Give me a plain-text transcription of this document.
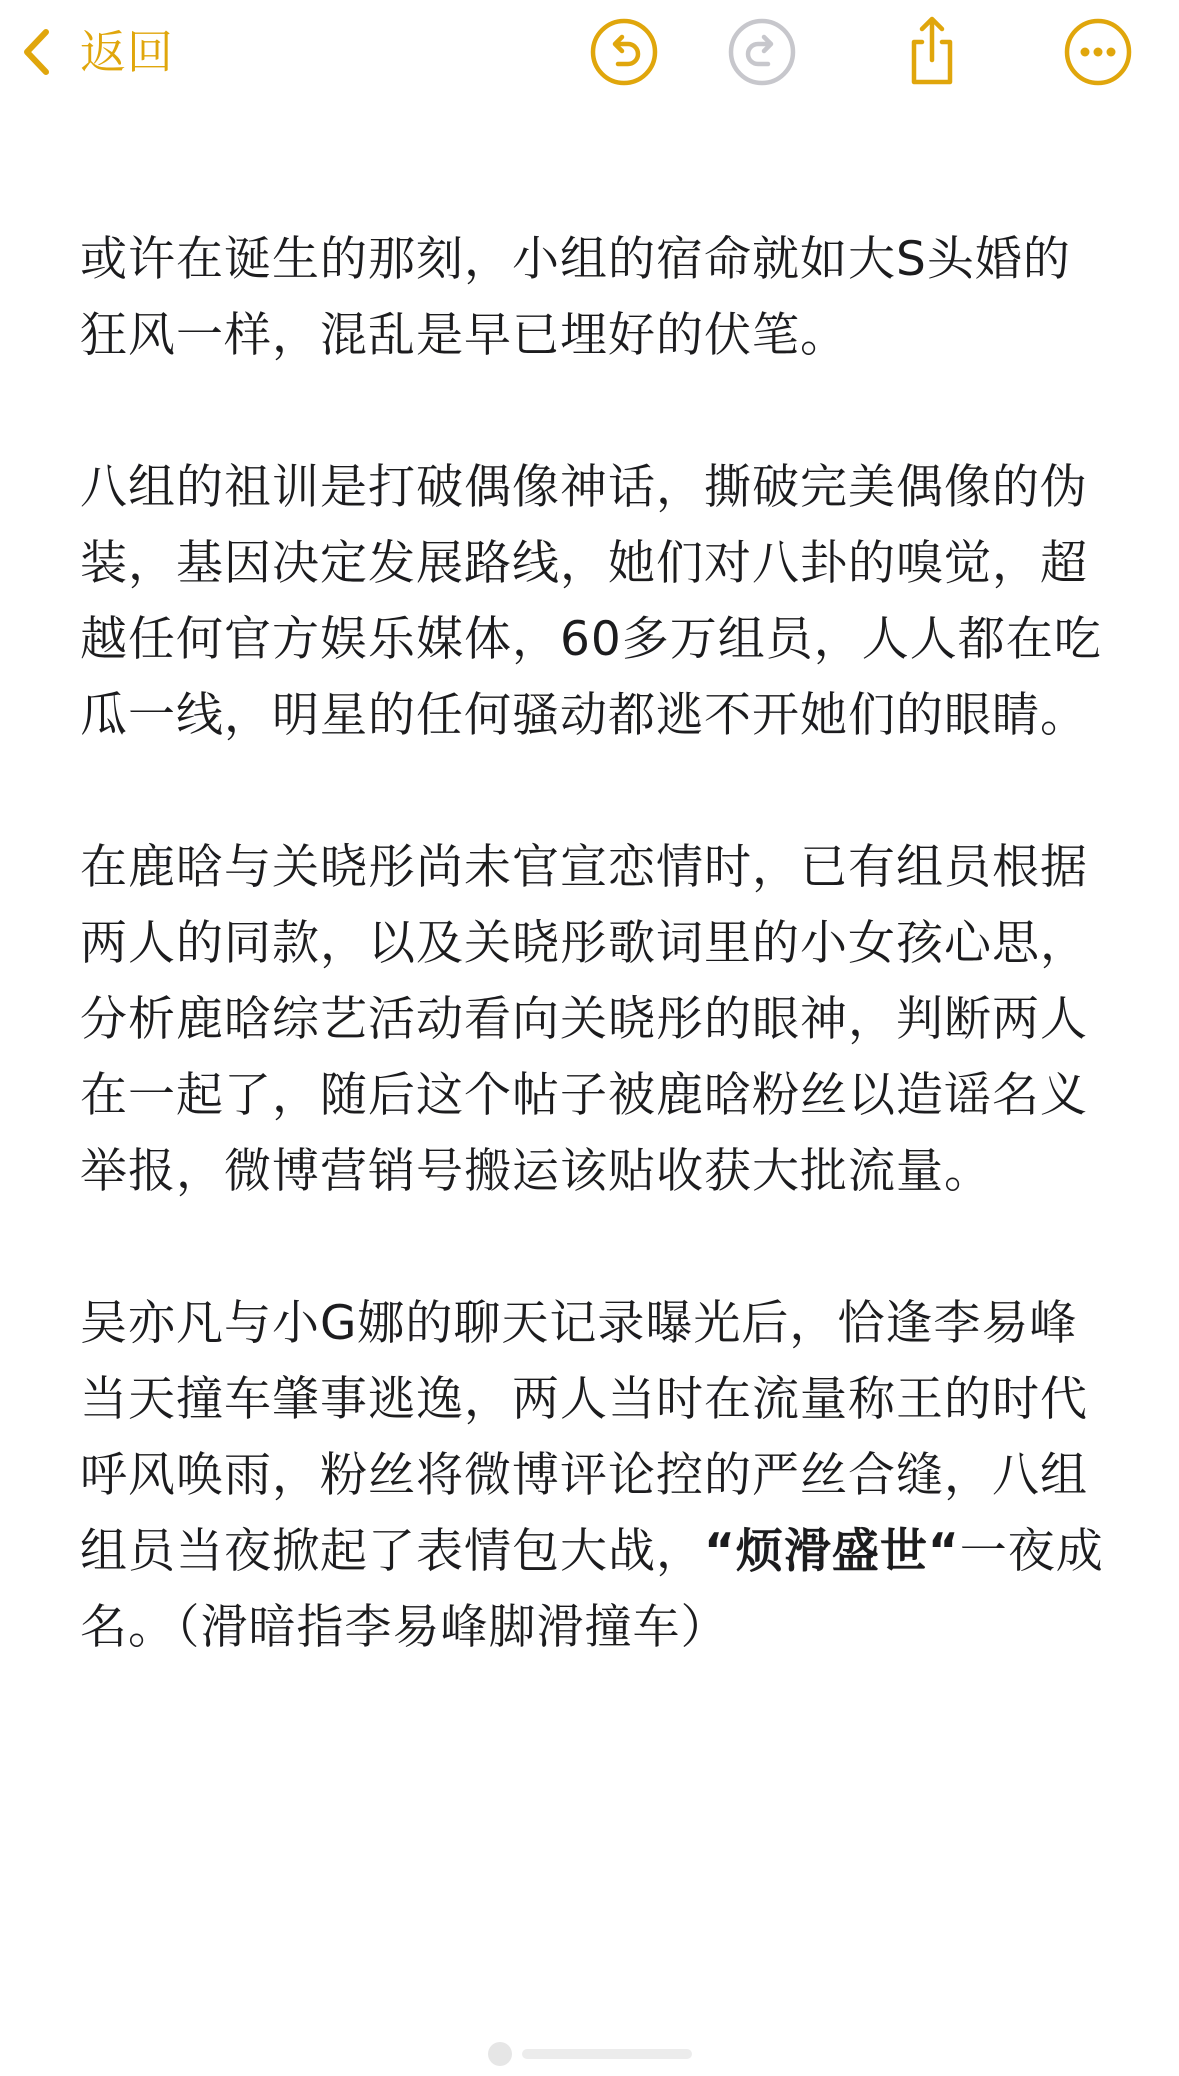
返回

或许在诞生的那刻，小组的宿命就如大S头婚的狂风一样，混乱是早已埋好的伏笔。

八组的祖训是打破偶像神话，撕破完美偶像的伪装，基因决定发展路线，她们对八卦的嗅觉，超越任何官方娱乐媒体，60多万组员，人人都在吃瓜一线，明星的任何骚动都逃不开她们的眼睛。

在鹿晗与关晓彤尚未官宣恋情时，已有组员根据两人的同款，以及关晓彤歌词里的小女孩心思，分析鹿晗综艺活动看向关晓彤的眼神，判断两人在一起了，随后这个帖子被鹿晗粉丝以造谣名义举报，微博营销号搬运该贴收获大批流量。

吴亦凡与小G娜的聊天记录曝光后，恰逢李易峰当天撞车肇事逃逸，两人当时在流量称王的时代呼风唤雨，粉丝将微博评论控的严丝合缝，八组组员当夜掀起了表情包大战，“烦滑盛世“一夜成名。（滑暗指李易峰脚滑撞车）
